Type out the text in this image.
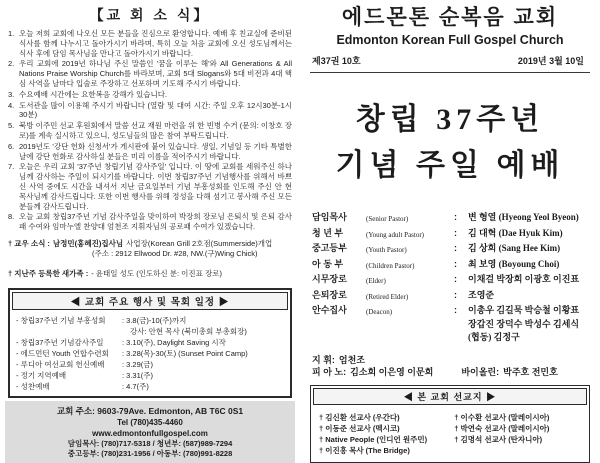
【교 회 소 식】
1. 오늘 저희 교회에 나오신 모든 분들을 진심으로 환영합니다. 예배 후 친교실에 준비된 식사를 함께 나누시고 돌아가시기 바라며, 특히 오늘 처음 교회에 오신 성도님께서는 식사 후에 담임 목사님을 만나고 돌아가시기 바랍니다.
2. 우리 교회에 2019년 하나님 주신 말씀인 '꿈을 이루는 해'와 All Generations & All Nations Praise Worship Church를 바라보며, 교회 5대 Slogans와 5대 비전과 4대 핵심 사역을 날마다 입술로 주장하고 선포하며 기도해 주시기 바랍니다.
3. 수요예배 시간에는 요한복음 강해가 있습니다.
4. 도서관을 많이 이용해 주시기 바랍니다 (열람 및 대여 시간: 주일 오후 12시30분-1시30분)
5. 북방 이주민 선교 후원회에서 말씀 선교 재원 마련을 위 한 빈병 수거 (문의: 이창호 장로)를 계속 실시하고 있으니, 성도님들의 많은 참여 부탁드립니다.
6. 2019년도 '강단 헌화 신청서'가 게시판에 붙어 있습니다. 생일, 기념일 등 기타 특별한 날에 강단 헌화로 감사하실 분들은 미리 이름을 적어주시기 바랍니다.
7. 오늘은 우리 교회 '37주년 창립기념 감사주일' 입니다. 이 땅에 교회를 세워주신 하나님께 감사하는 주일이 되시기를 바랍니다. 이번 창립37주년 기념행사를 위해서 바쁘신 사역 중에도 시간을 내셔서 지난 금요일부터 기념 부흥성회를 인도해 주신 안 현 목사님께 감사드립니다. 또한 이번 행사를 위해 정성을 다해 섬기고 봉사해 주신 모든 분들께 감사드립니다.
8. 오늘 교회 창립37주년 기념 감사주일을 맞이하여 박장희 장로님 은퇴식 및 은퇴 감사패 수여와 임마누엘 찬양대 엄천조 지휘자님의 공로패 수여가 있겠습니다.
† 교우 소식 : 남정민(홍혜진)집사님 사업장(Korean Grill 2호점(Summerside)개업
(주소 : 2912 Ellwood Dr. #28, NW.(구)Wing Chick)
† 지난주 등록한 새가족 : - 윤태일 성도 (인도하신 분: 이진표 장로)
◀ 교회 주요 행사 및 목회 일정 ▶
- 창립37주년 기념 부흥성회	: 3.8(금)-10(주)까지
강사: 안현 목사 (북미총회 부총회장)
- 창립37주년 기념감사주일	: 3.10(주), Daylight Saving 시작
- 에드먼턴 Youth 연합수련회	: 3.28(목)-30(토) (Sunset Point Camp)
- 루디아 여선교회 헌신예배	: 3.29(금)
- 정기 지역예배	: 3.31(주)
- 성찬예배	: 4.7(주)
교회 주소: 9603-79Ave. Edmonton, AB T6C 0S1
Tel (780)435-4460
www.edmontonfullgospel.com
담임목사: (780)717-5318 / 청년부: (587)989-7294
중고등부: (780)231-1956 / 아동부: (780)991-8228
에드몬톤 순복음 교회
Edmonton Korean Full Gospel Church
제37권 10호	2019년 3월 10일
창립 37주년
기념 주일 예배
담임목사	(Senior Pastor)	:	변 형열 (Hyeong Yeol Byeon)
청 년 부	(Young adult Pastor)	:	김 대혁 (Dae Hyuk Kim)
중고등부	(Youth Pastor)	:	김 상희 (Sang Hee Kim)
아 동 부	(Children Pastor)	:	최 보영 (Boyoung Choi)
시무장로	(Elder)	:	이채걸 박장희 이광호 이진표
은퇴장로	(Retired Elder)	:	조영준
안수집사	(Deacon)	:	이총우 김길묵 박승철 이황표
장갑진 장덕수 박성수 김세식
(협동) 김정구
지 휘: 엄천조
피 아 노: 김소희 이은영 이문희	바이올린: 박주호 전민호
◀ 본 교회 선교지 ▶
† 김신환 선교사 (우간다)	† 이수환 선교사 (말레이시아)
† 이동준 선교사 (멕시코)	† 박연숙 선교사 (말레이시아)
† Native People (인디언 원주민)	† 김명석 선교사 (탄자니아)
† 이진흥 목사 (The Bridge)
